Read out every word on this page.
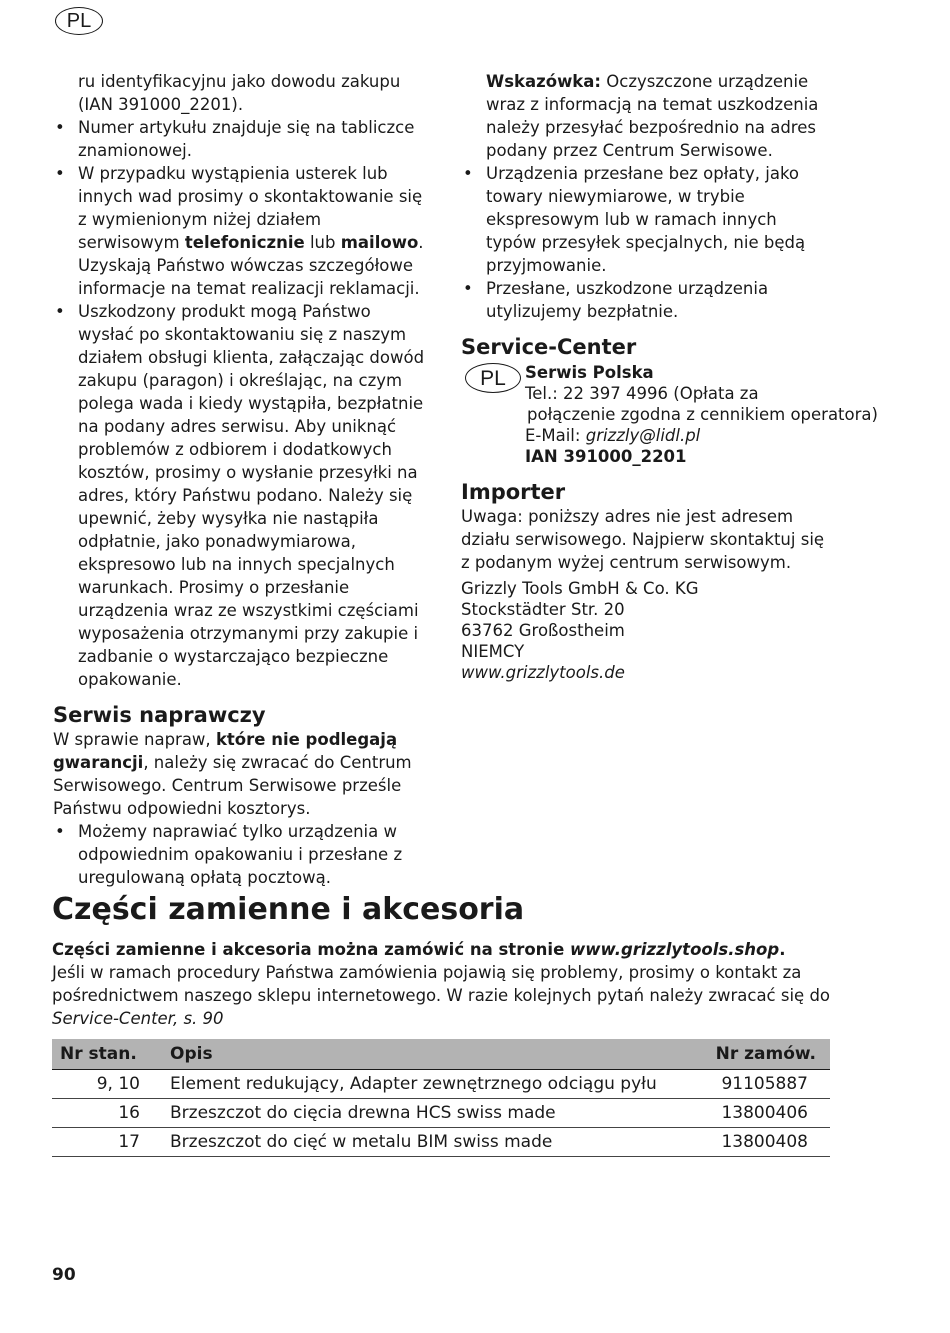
PL
ru identyfikacyjnu jako dowodu zakupu
(IAN 391000_2201).
• Numer artykułu znajduje się na tabliczce znamionowej.
• W przypadku wystąpienia usterek lub innych wad prosimy o skontaktowanie się z wymienionym niżej działem serwisowym telefonicznie lub mailowo. Uzyskają Państwo wówczas szczegółowe informacje na temat realizacji reklamacji.
• Uszkodzony produkt mogą Państwo wysłać po skontaktowaniu się z naszym działem obsługi klienta, załączając dowód zakupu (paragon) i określając, na czym polega wada i kiedy wystąpiła, bezpłatnie na podany adres serwisu. Aby uniknąć problemów z odbiorem i dodatkowych kosztów, prosimy o wysłanie przesyłki na adres, który Państwu podano. Należy się upewnić, żeby wysyłka nie nastąpiła odpłatnie, jako ponadwymiarowa, ekspresowo lub na innych specjalnych warunkach. Prosimy o przesłanie urządzenia wraz ze wszystkimi częściami wyposażenia otrzymanymi przy zakupie i zadbanie o wystarczająco bezpieczne opakowanie.
Serwis naprawczy

W sprawie napraw, które nie podlegają gwarancji, należy się zwracać do Centrum Serwisowego. Centrum Serwisowe prześle Państwu odpowiedni kosztorys.

• Możemy naprawiać tylko urządzenia w odpowiednim opakowaniu i przesłane z uregulowaną opłatą pocztową.
Wskazówka: Oczyszczone urządzenie wraz z informacją na temat uszkodzenia należy przesyłać bezpośrednio na adres podany przez Centrum Serwisowe.
• Urządzenia przesłane bez opłaty, jako towary niewymiarowe, w trybie ekspresowym lub w ramach innych typów przesyłek specjalnych, nie będą przyjmowanie.
• Przesłane, uszkodzone urządzenia utylizujemy bezpłatnie.
Service-Center
PL	Serwis Polska
Tel.: 22 397 4996 (Opłata za
połączenie zgodna z cennikiem operatora)
E-Mail: grizzly@lidl.pl
IAN 391000_2201
Importer

Uwaga: poniższy adres nie jest adresem działu serwisowego. Najpierw skontaktuj się z podanym wyżej centrum serwisowym.

Grizzly Tools GmbH & Co. KG
Stockstädter Str. 20
63762 Großostheim
NIEMCY
www.grizzlytools.de
Części zamienne i akcesoria
Części zamienne i akcesoria można zamówić na stronie www.grizzlytools.shop.
Jeśli w ramach procedury Państwa zamówienia pojawią się problemy, prosimy o kontakt za pośrednictwem naszego sklepu internetowego. W razie kolejnych pytań należy zwracać się do Service-Center, s. 90
Nr stan.	Opis	Nr zamów.
9, 10	Element redukujący, Adapter zewnętrznego odciągu pyłu	91105887
16	Brzeszczot do cięcia drewna HCS swiss made	13800406
17	Brzeszczot do cięć w metalu BIM swiss made	13800408
90
